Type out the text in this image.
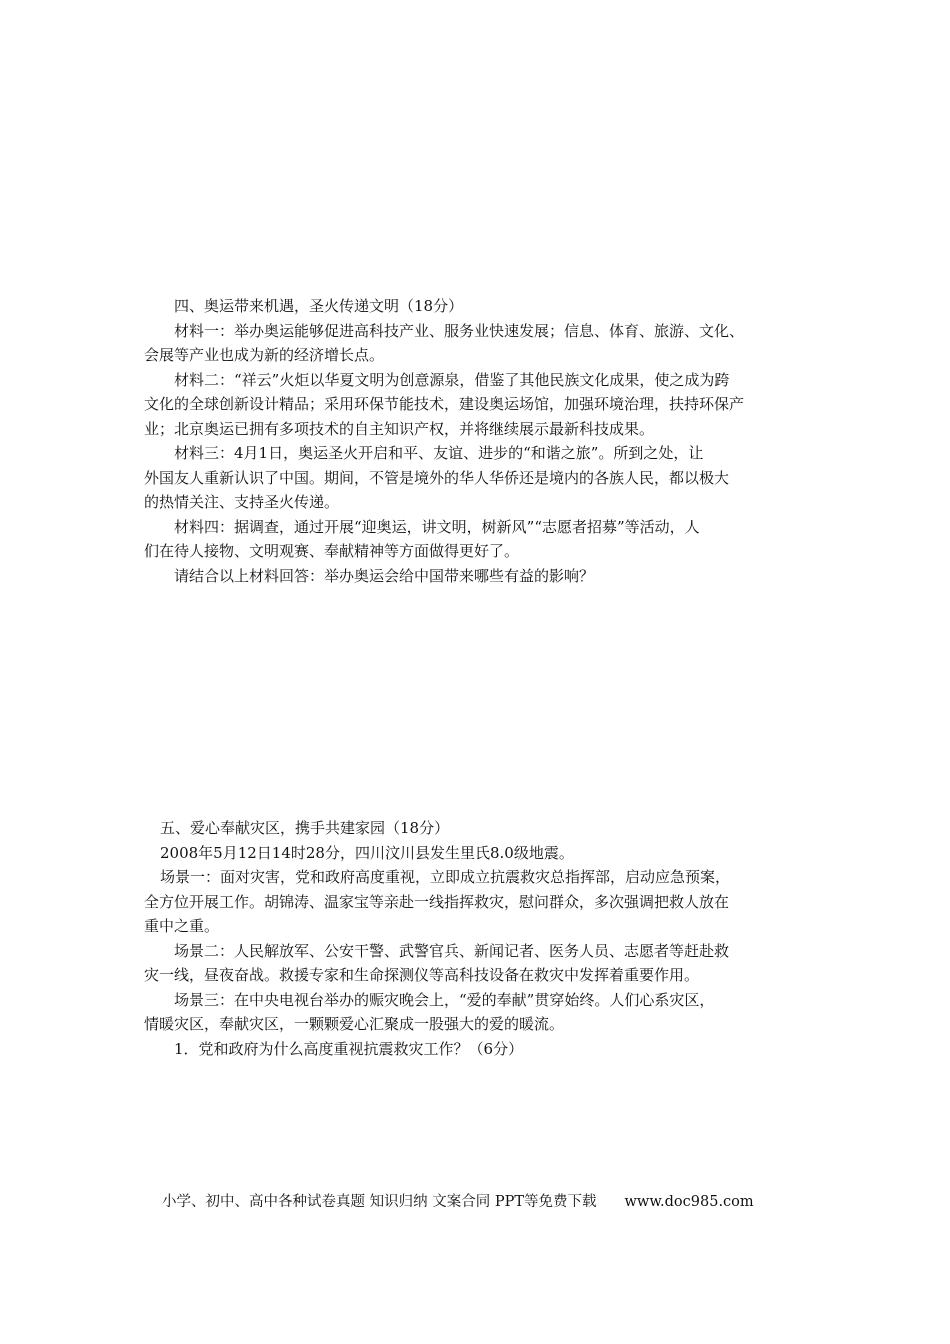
四、奥运带来机遇，圣火传递文明（18分）
材料一：举办奥运能够促进高科技产业、服务业快速发展；信息、体育、旅游、文化、
会展等产业也成为新的经济增长点。
材料二：“祥云”火炬以华夏文明为创意源泉，借鉴了其他民族文化成果，使之成为跨
文化的全球创新设计精品；采用环保节能技术，建设奥运场馆，加强环境治理，扶持环保产
业；北京奥运已拥有多项技术的自主知识产权，并将继续展示最新科技成果。
材料三：4月1日，奥运圣火开启和平、友谊、进步的“和谐之旅”。所到之处，让
外国友人重新认识了中国。期间，不管是境外的华人华侨还是境内的各族人民，都以极大
的热情关注、支持圣火传递。
材料四：据调查，通过开展“迎奥运，讲文明，树新风”“志愿者招募”等活动，人
们在待人接物、文明观赛、奉献精神等方面做得更好了。
请结合以上材料回答：举办奥运会给中国带来哪些有益的影响？
五、爱心奉献灾区，携手共建家园（18分）
2008年5月12日14时28分，四川汶川县发生里氏8.0级地震。
场景一：面对灾害，党和政府高度重视，立即成立抗震救灾总指挥部，启动应急预案，
全方位开展工作。胡锦涛、温家宝等亲赴一线指挥救灾，慰问群众，多次强调把救人放在
重中之重。
场景二：人民解放军、公安干警、武警官兵、新闻记者、医务人员、志愿者等赶赴救
灾一线，昼夜奋战。救援专家和生命探测仪等高科技设备在救灾中发挥着重要作用。
场景三：在中央电视台举办的赈灾晚会上，“爱的奉献”贯穿始终。人们心系灾区，
情暖灾区，奉献灾区，一颗颗爱心汇聚成一股强大的爱的暖流。
1．党和政府为什么高度重视抗震救灾工作？（6分）
小学、初中、高中各种试卷真题 知识归纳 文案合同 PPT等免费下载 www.doc985.com
